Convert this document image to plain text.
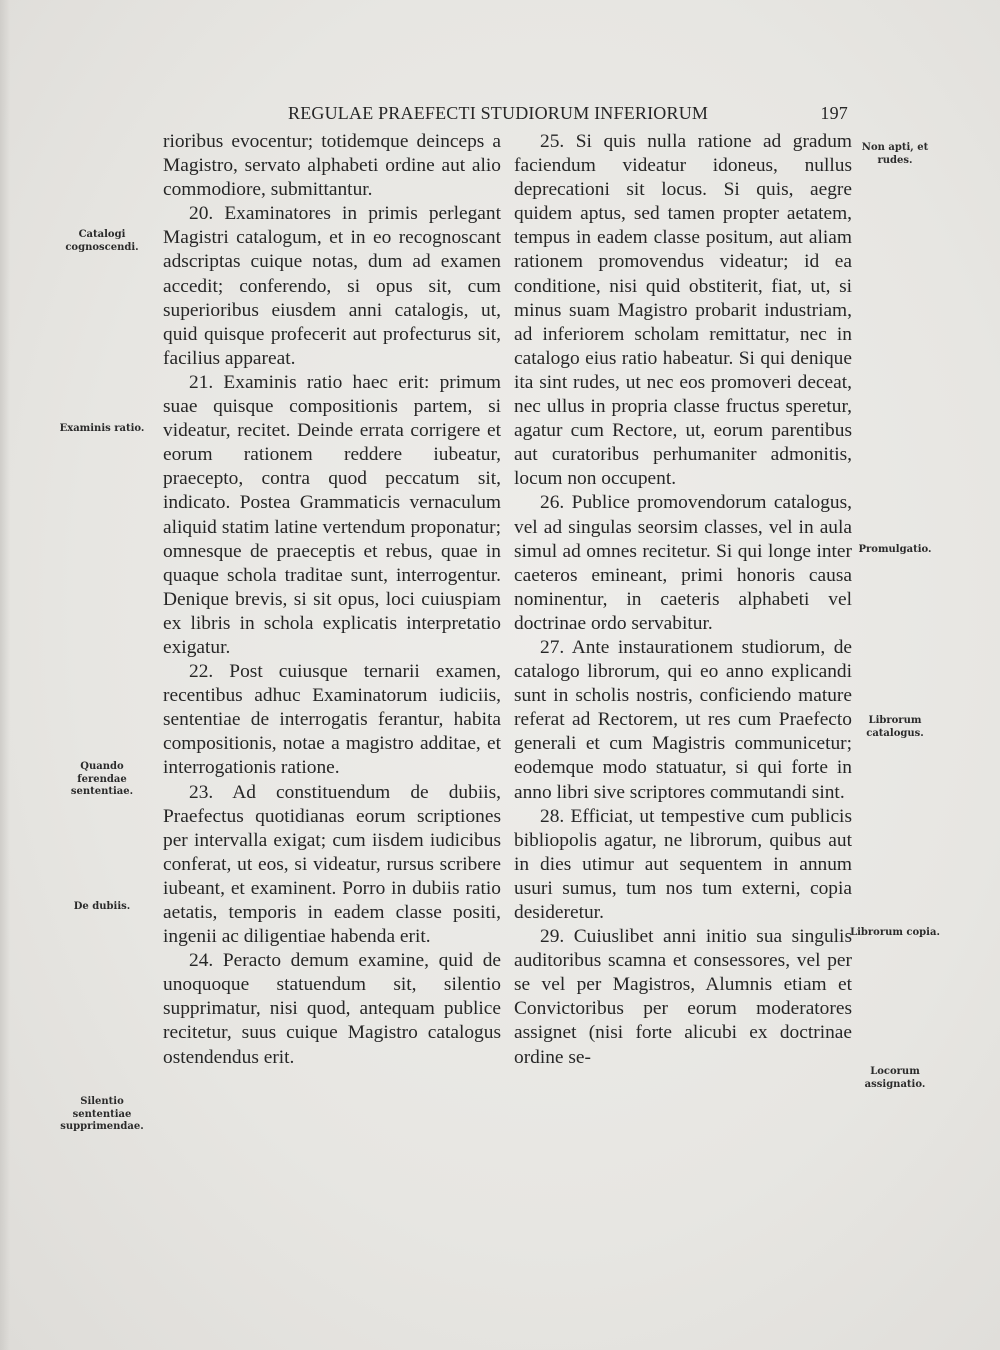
REGULAE PRAEFECTI STUDIORUM INFERIORUM	197
Catalogi cognoscendi.
Examinis ratio.
Quando ferendae sententiae.
De dubiis.
Silentio sententiae supprimendae.
Non apti, et rudes.
Promulgatio.
Librorum catalogus.
Librorum copia.
Locorum assignatio.

rioribus evocentur; totidemque deinceps a Magistro, servato alphabeti ordine aut alio commodiore, submittantur.

20. Examinatores in primis perlegant Magistri catalogum, et in eo recognoscant adscriptas cuique notas, dum ad examen accedit; conferendo, si opus sit, cum superioribus eiusdem anni catalogis, ut, quid quisque profecerit aut profecturus sit, facilius appareat.

21. Examinis ratio haec erit: primum suae quisque compositionis partem, si videatur, recitet. Deinde errata corrigere et eorum rationem reddere iubeatur, praecepto, contra quod peccatum sit, indicato. Postea Grammaticis vernaculum aliquid statim latine vertendum proponatur; omnesque de praeceptis et rebus, quae in quaque schola traditae sunt, interrogentur. Denique brevis, si sit opus, loci cuiuspiam ex libris in schola explicatis interpretatio exigatur.

22. Post cuiusque ternarii examen, recentibus adhuc Examinatorum iudiciis, sententiae de interrogatis ferantur, habita compositionis, notae a magistro additae, et interrogationis ratione.

23. Ad constituendum de dubiis, Praefectus quotidianas eorum scriptiones per intervalla exigat; cum iisdem iudicibus conferat, ut eos, si videatur, rursus scribere iubeant, et examinent. Porro in dubiis ratio aetatis, temporis in eadem classe positi, ingenii ac diligentiae habenda erit.

24. Peracto demum examine, quid de unoquoque statuendum sit, silentio supprimatur, nisi quod, antequam publice recitetur, suus cuique Magistro catalogus ostendendus erit.

25. Si quis nulla ratione ad gradum faciendum videatur idoneus, nullus deprecationi sit locus. Si quis, aegre quidem aptus, sed tamen propter aetatem, tempus in eadem classe positum, aut aliam rationem promovendus videatur; id ea conditione, nisi quid obstiterit, fiat, ut, si minus suam Magistro probarit industriam, ad inferiorem scholam remittatur, nec in catalogo eius ratio habeatur. Si qui denique ita sint rudes, ut nec eos promoveri deceat, nec ullus in propria classe fructus speretur, agatur cum Rectore, ut, eorum parentibus aut curatoribus perhumaniter admonitis, locum non occupent.

26. Publice promovendorum catalogus, vel ad singulas seorsim classes, vel in aula simul ad omnes recitetur. Si qui longe inter caeteros emineant, primi honoris causa nominentur, in caeteris alphabeti vel doctrinae ordo servabitur.

27. Ante instaurationem studiorum, de catalogo librorum, qui eo anno explicandi sunt in scholis nostris, conficiendo mature referat ad Rectorem, ut res cum Praefecto generali et cum Magistris communicetur; eodemque modo statuatur, si qui forte in anno libri sive scriptores commutandi sint.

28. Efficiat, ut tempestive cum publicis bibliopolis agatur, ne librorum, quibus aut in dies utimur aut sequentem in annum usuri sumus, tum nos tum externi, copia desideretur.

29. Cuiuslibet anni initio sua singulis auditoribus scamna et consessores, vel per se vel per Magistros, Alumnis etiam et Convictoribus per eorum moderatores assignet (nisi forte alicubi ex doctrinae ordine se-
